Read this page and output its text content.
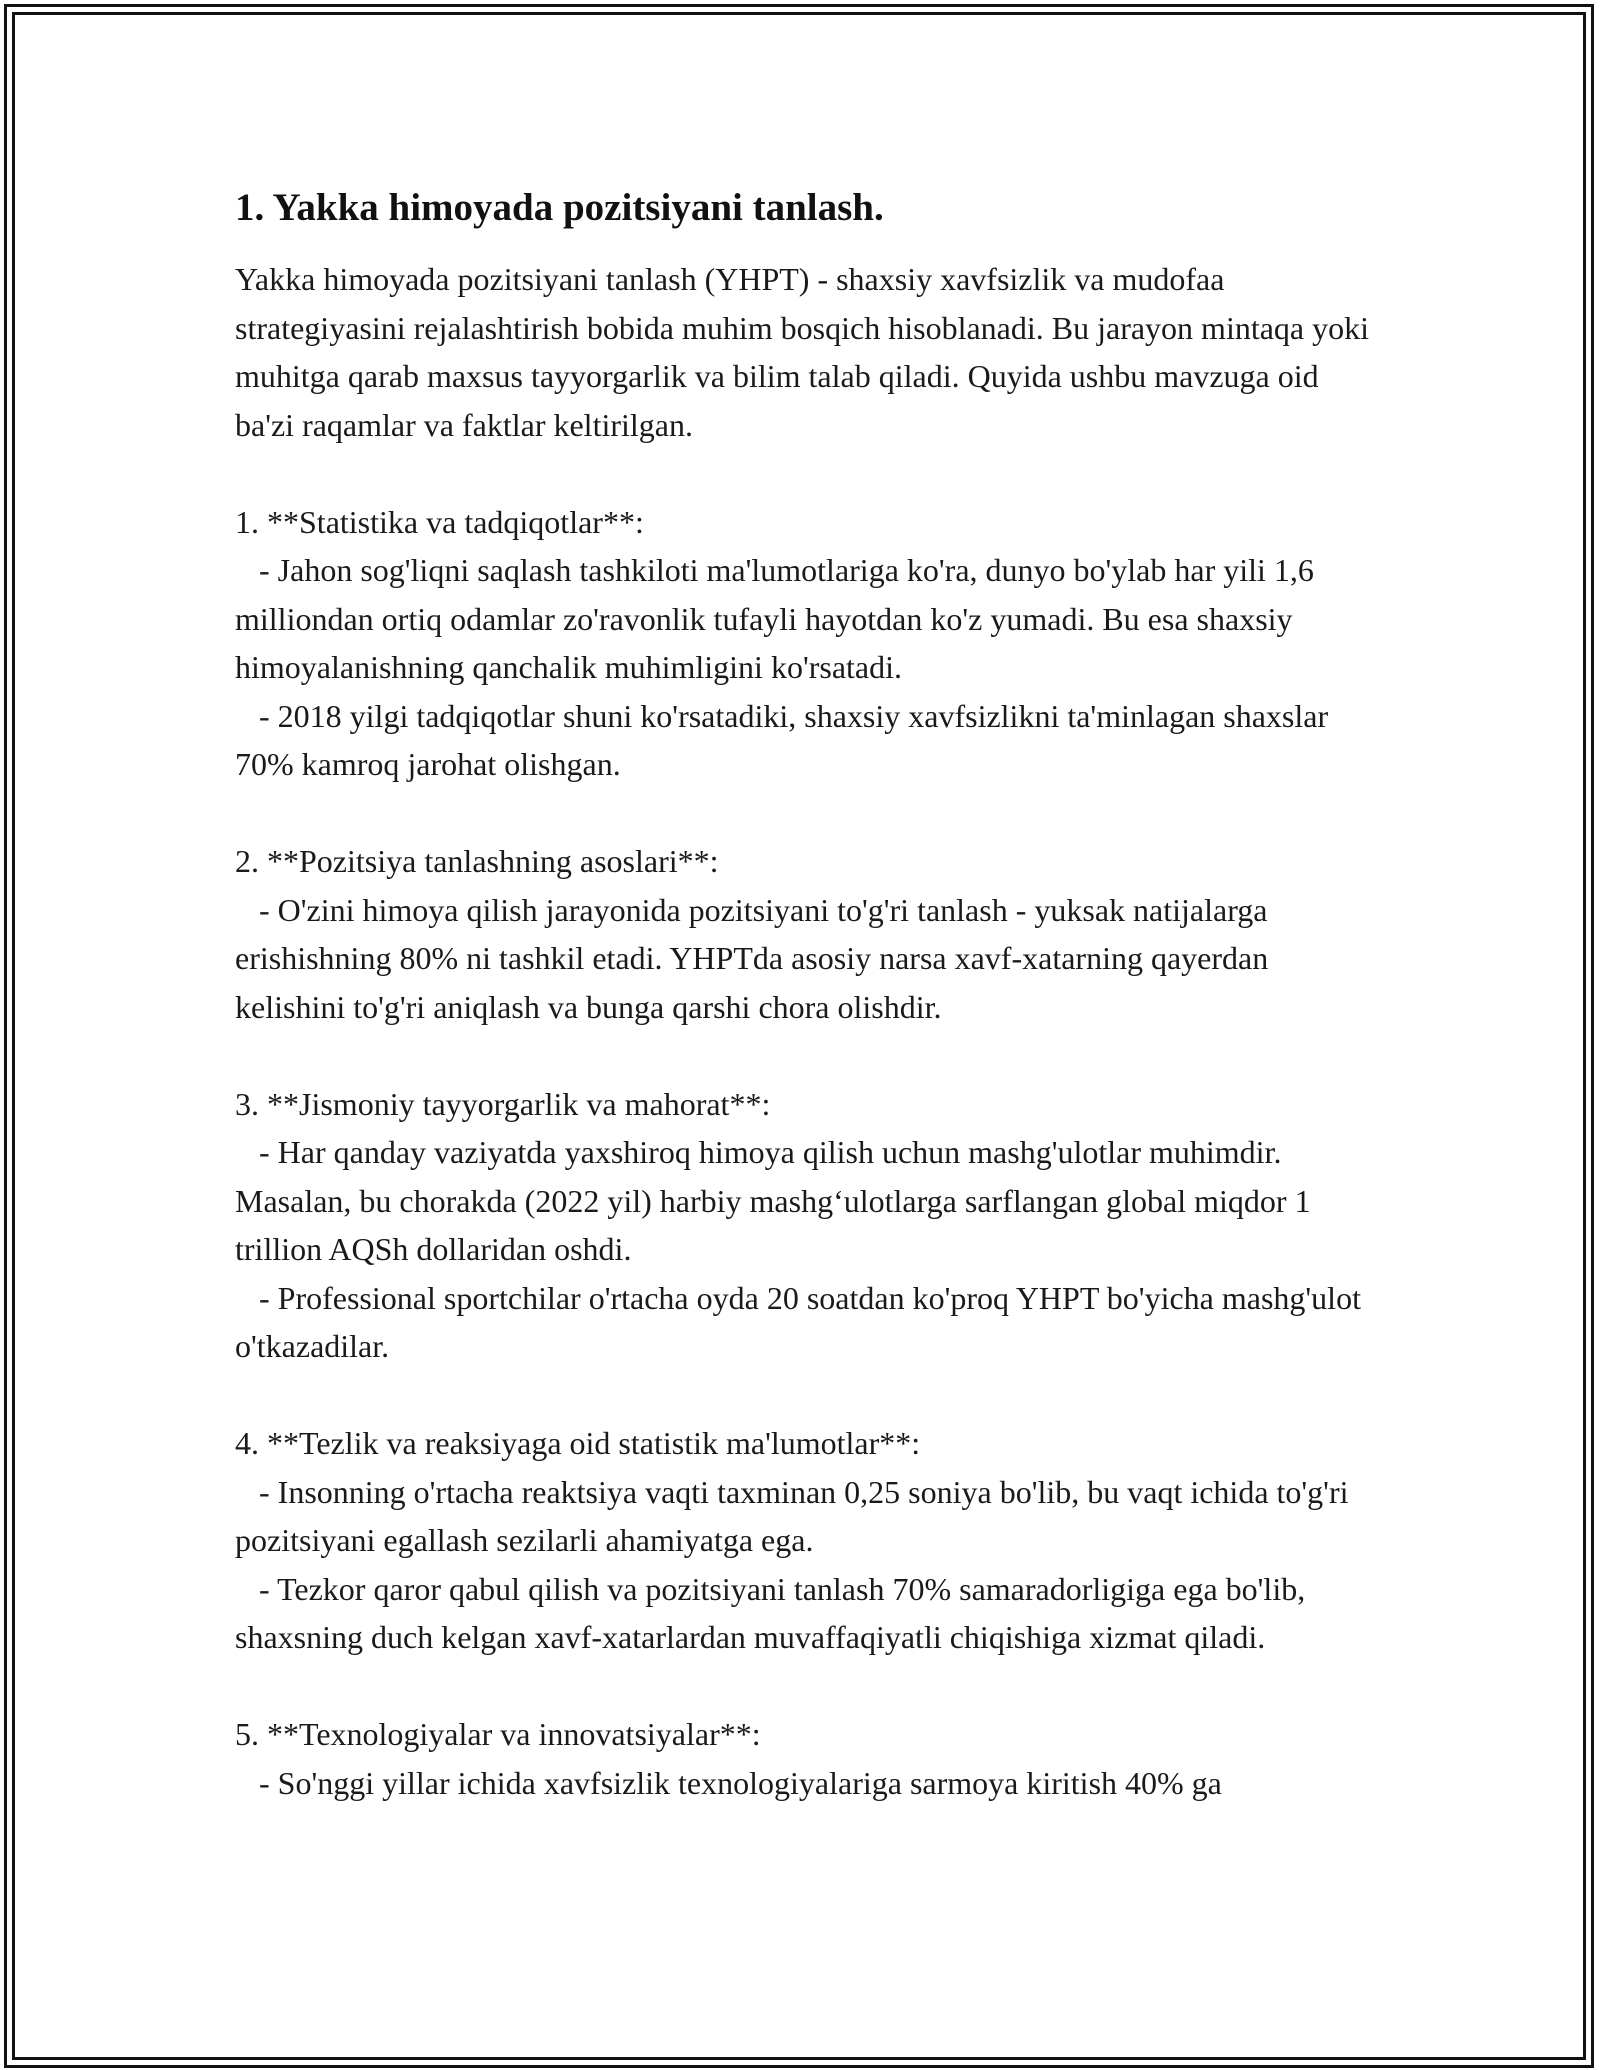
1. Yakka himoyada pozitsiyani tanlash.

Yakka himoyada pozitsiyani tanlash (YHPT) - shaxsiy xavfsizlik va mudofaa strategiyasini rejalashtirish bobida muhim bosqich hisoblanadi. Bu jarayon mintaqa yoki muhitga qarab maxsus tayyorgarlik va bilim talab qiladi. Quyida ushbu mavzuga oid ba'zi raqamlar va faktlar keltirilgan.

1. **Statistika va tadqiqotlar**:

- Jahon sog'liqni saqlash tashkiloti ma'lumotlariga ko'ra, dunyo bo'ylab har yili 1,6 milliondan ortiq odamlar zo'ravonlik tufayli hayotdan ko'z yumadi. Bu esa shaxsiy himoyalanishning qanchalik muhimligini ko'rsatadi.

- 2018 yilgi tadqiqotlar shuni ko'rsatadiki, shaxsiy xavfsizlikni ta'minlagan shaxslar 70% kamroq jarohat olishgan.

2. **Pozitsiya tanlashning asoslari**:

- O'zini himoya qilish jarayonida pozitsiyani to'g'ri tanlash - yuksak natijalarga erishishning 80% ni tashkil etadi. YHPTda asosiy narsa xavf-xatarning qayerdan kelishini to'g'ri aniqlash va bunga qarshi chora olishdir.

3. **Jismoniy tayyorgarlik va mahorat**:

- Har qanday vaziyatda yaxshiroq himoya qilish uchun mashg'ulotlar muhimdir. Masalan, bu chorakda (2022 yil) harbiy mashg‘ulotlarga sarflangan global miqdor 1 trillion AQSh dollaridan oshdi.

- Professional sportchilar o'rtacha oyda 20 soatdan ko'proq YHPT bo'yicha mashg'ulot o'tkazadilar.

4. **Tezlik va reaksiyaga oid statistik ma'lumotlar**:

- Insonning o'rtacha reaktsiya vaqti taxminan 0,25 soniya bo'lib, bu vaqt ichida to'g'ri pozitsiyani egallash sezilarli ahamiyatga ega.

- Tezkor qaror qabul qilish va pozitsiyani tanlash 70% samaradorligiga ega bo'lib, shaxsning duch kelgan xavf-xatarlardan muvaffaqiyatli chiqishiga xizmat qiladi.

5. **Texnologiyalar va innovatsiyalar**:

- So'nggi yillar ichida xavfsizlik texnologiyalariga sarmoya kiritish 40% ga
